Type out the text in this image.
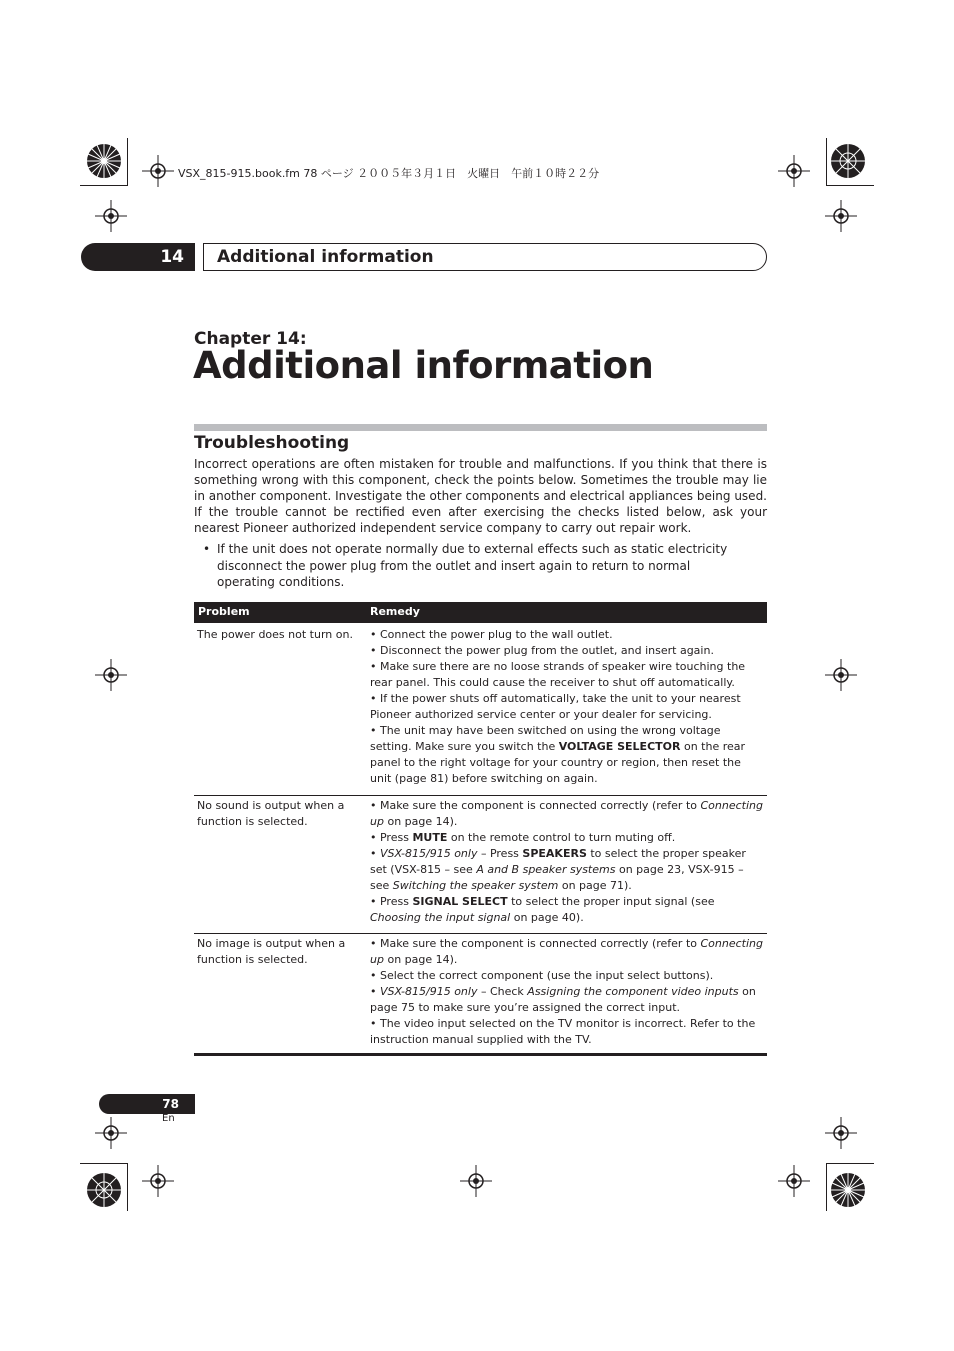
VSX_815-915.book.fm 78 ページ ２００５年３月１日　火曜日　午前１０時２２分
14 Additional information
Chapter 14:
Additional information
Troubleshooting
Incorrect operations are often mistaken for trouble and malfunctions. If you think that there is something wrong with this component, check the points below. Sometimes the trouble may lie in another component. Investigate the other components and electrical appliances being used. If the trouble cannot be rectified even after exercising the checks listed below, ask your nearest Pioneer authorized independent service company to carry out repair work.
• If the unit does not operate normally due to external effects such as static electricity disconnect the power plug from the outlet and insert again to return to normal operating conditions.
Problem	Remedy
The power does not turn on.	• Connect the power plug to the wall outlet.

• Disconnect the power plug from the outlet, and insert again.

• Make sure there are no loose strands of speaker wire touching the rear panel. This could cause the receiver to shut off automatically.

• If the power shuts off automatically, take the unit to your nearest Pioneer authorized service center or your dealer for servicing.

• The unit may have been switched on using the wrong voltage setting. Make sure you switch the VOLTAGE SELECTOR on the rear panel to the right voltage for your country or region, then reset the unit (page 81) before switching on again.

No sound is output when a function is selected.

• Make sure the component is connected correctly (refer to Connecting up on page 14).

• Press MUTE on the remote control to turn muting off.

• VSX-815/915 only – Press SPEAKERS to select the proper speaker set (VSX-815 – see A and B speaker systems on page 23, VSX-915 – see Switching the speaker system on page 71).

• Press SIGNAL SELECT to select the proper input signal (see Choosing the input signal on page 40).

No image is output when a function is selected.

• Make sure the component is connected correctly (refer to Connecting up on page 14).

• Select the correct component (use the input select buttons).

• VSX-815/915 only – Check Assigning the component video inputs on page 75 to make sure you’re assigned the correct input.

• The video input selected on the TV monitor is incorrect. Refer to the instruction manual supplied with the TV.

78
En
